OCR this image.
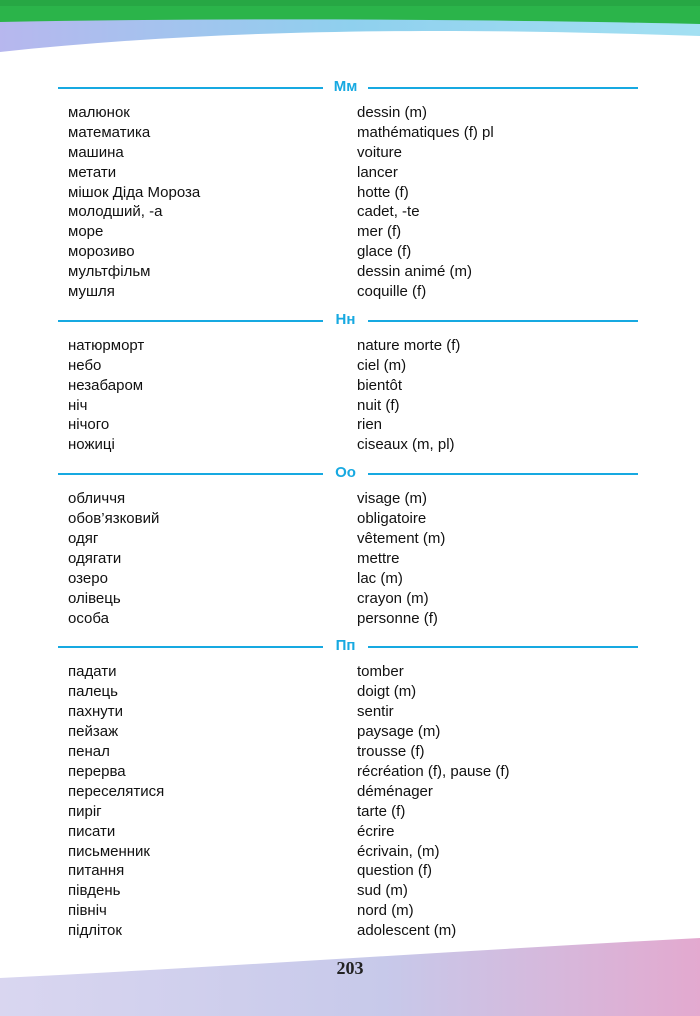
Мм
малюнок	dessin (m)
математика	mathématiques (f) pl
машина	voiture
метати	lancer
мішок Діда Мороза	hotte (f)
молодший, -а	cadet, -te
море	mer (f)
морозиво	glace (f)
мультфільм	dessin animé (m)
мушля	coquille (f)
Нн
натюрморт	nature morte (f)
небо	ciel (m)
незабаром	bientôt
ніч	nuit (f)
нічого	rien
ножиці	ciseaux (m, pl)
Оо
обличчя	visage (m)
обов’язковий	obligatoire
одяг	vêtement (m)
одягати	mettre
озеро	lac (m)
олівець	crayon (m)
особа	personne (f)
Пп
падати	tomber
палець	doigt (m)
пахнути	sentir
пейзаж	paysage (m)
пенал	trousse (f)
перерва	récréation (f), pause (f)
переселятися	déménager
пиріг	tarte (f)
писати	écrire
письменник	écrivain, (m)
питання	question (f)
південь	sud (m)
північ	nord (m)
підліток	adolescent (m)
203
